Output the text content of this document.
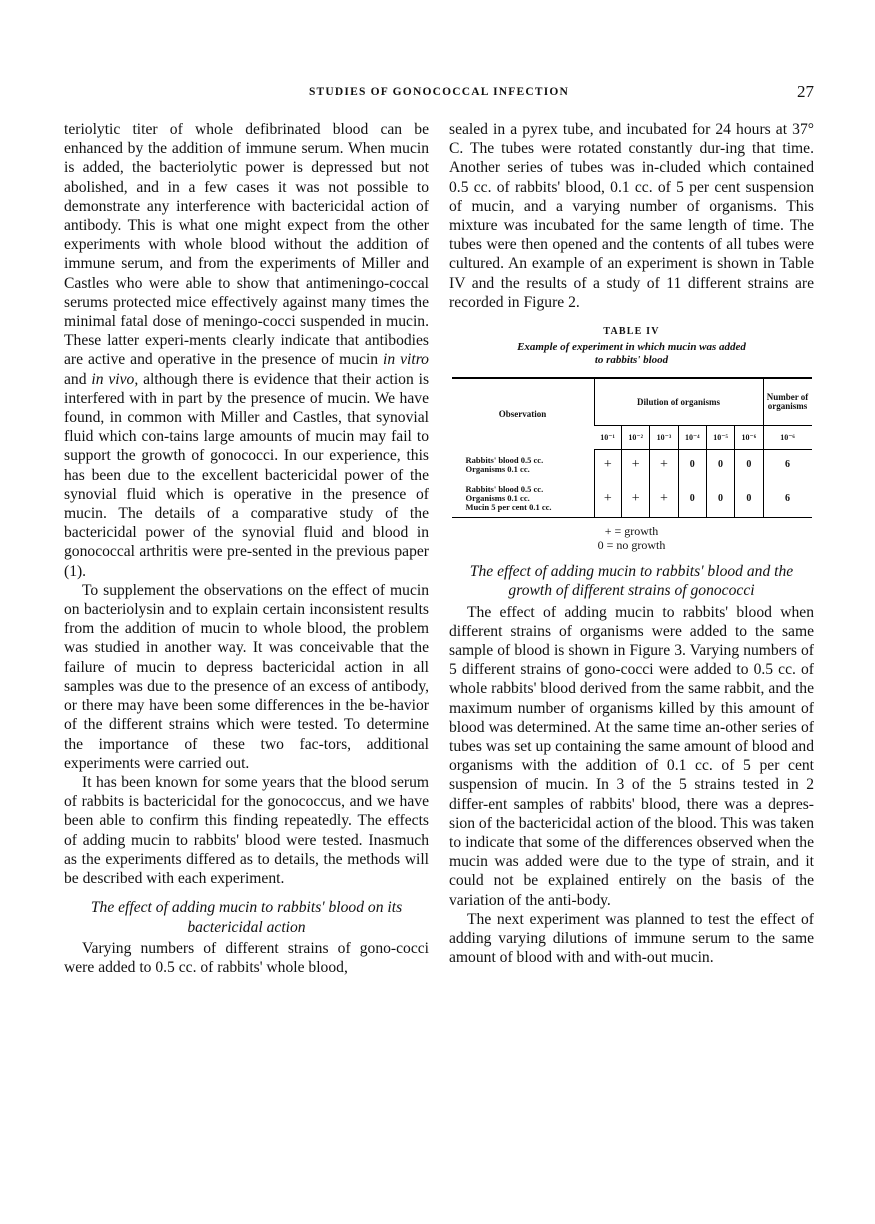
STUDIES OF GONOCOCCAL INFECTION	27

teriolytic titer of whole defibrinated blood can be enhanced by the addition of immune serum. When mucin is added, the bacteriolytic power is depressed but not abolished, and in a few cases it was not possible to demonstrate any interference with bactericidal action of antibody. This is what one might expect from the other experiments with whole blood without the addition of immune serum, and from the experiments of Miller and Castles who were able to show that antimeningo-coccal serums protected mice effectively against many times the minimal fatal dose of meningo-cocci suspended in mucin. These latter experi-ments clearly indicate that antibodies are active and operative in the presence of mucin in vitro and in vivo, although there is evidence that their action is interfered with in part by the presence of mucin. We have found, in common with Miller and Castles, that synovial fluid which con-tains large amounts of mucin may fail to support the growth of gonococci. In our experience, this has been due to the excellent bactericidal power of the synovial fluid which is operative in the presence of mucin. The details of a comparative study of the bactericidal power of the synovial fluid and blood in gonococcal arthritis were pre-sented in the previous paper (1).

To supplement the observations on the effect of mucin on bacteriolysin and to explain certain inconsistent results from the addition of mucin to whole blood, the problem was studied in another way. It was conceivable that the failure of mucin to depress bactericidal action in all samples was due to the presence of an excess of antibody, or there may have been some differences in the be-havior of the different strains which were tested. To determine the importance of these two fac-tors, additional experiments were carried out.

It has been known for some years that the blood serum of rabbits is bactericidal for the gonococcus, and we have been able to confirm this finding repeatedly. The effects of adding mucin to rabbits' blood were tested. Inasmuch as the experiments differed as to details, the methods will be described with each experiment.

The effect of adding mucin to rabbits' blood on its bactericidal action

Varying numbers of different strains of gono-cocci were added to 0.5 cc. of rabbits' whole blood,

sealed in a pyrex tube, and incubated for 24 hours at 37° C. The tubes were rotated constantly dur-ing that time. Another series of tubes was in-cluded which contained 0.5 cc. of rabbits' blood, 0.1 cc. of 5 per cent suspension of mucin, and a varying number of organisms. This mixture was incubated for the same length of time. The tubes were then opened and the contents of all tubes were cultured. An example of an experiment is shown in Table IV and the results of a study of 11 different strains are recorded in Figure 2.

TABLE IV
Example of experiment in which mucin was added
to rabbits' blood
Observation	Dilution of organisms						Number of organisms
	10⁻¹	10⁻²	10⁻³	10⁻⁴	10⁻⁵	10⁻⁶	10⁻⁶

Rabbits' blood 0.5 cc.
Organisms 0.1 cc.	+	+	+	0	0	0	6

Rabbits' blood 0.5 cc.
Organisms 0.1 cc.
Mucin 5 per cent 0.1 cc.	+	+	+	0	0	0	6
+ = growth
0 = no growth

The effect of adding mucin to rabbits' blood and the growth of different strains of gonococci

The effect of adding mucin to rabbits' blood when different strains of organisms were added to the same sample of blood is shown in Figure 3. Varying numbers of 5 different strains of gono-cocci were added to 0.5 cc. of whole rabbits' blood derived from the same rabbit, and the maximum number of organisms killed by this amount of blood was determined. At the same time an-other series of tubes was set up containing the same amount of blood and organisms with the addition of 0.1 cc. of 5 per cent suspension of mucin. In 3 of the 5 strains tested in 2 differ-ent samples of rabbits' blood, there was a depres-sion of the bactericidal action of the blood. This was taken to indicate that some of the differences observed when the mucin was added were due to the type of strain, and it could not be explained entirely on the basis of the variation of the anti-body.

The next experiment was planned to test the effect of adding varying dilutions of immune serum to the same amount of blood with and with-out mucin.
